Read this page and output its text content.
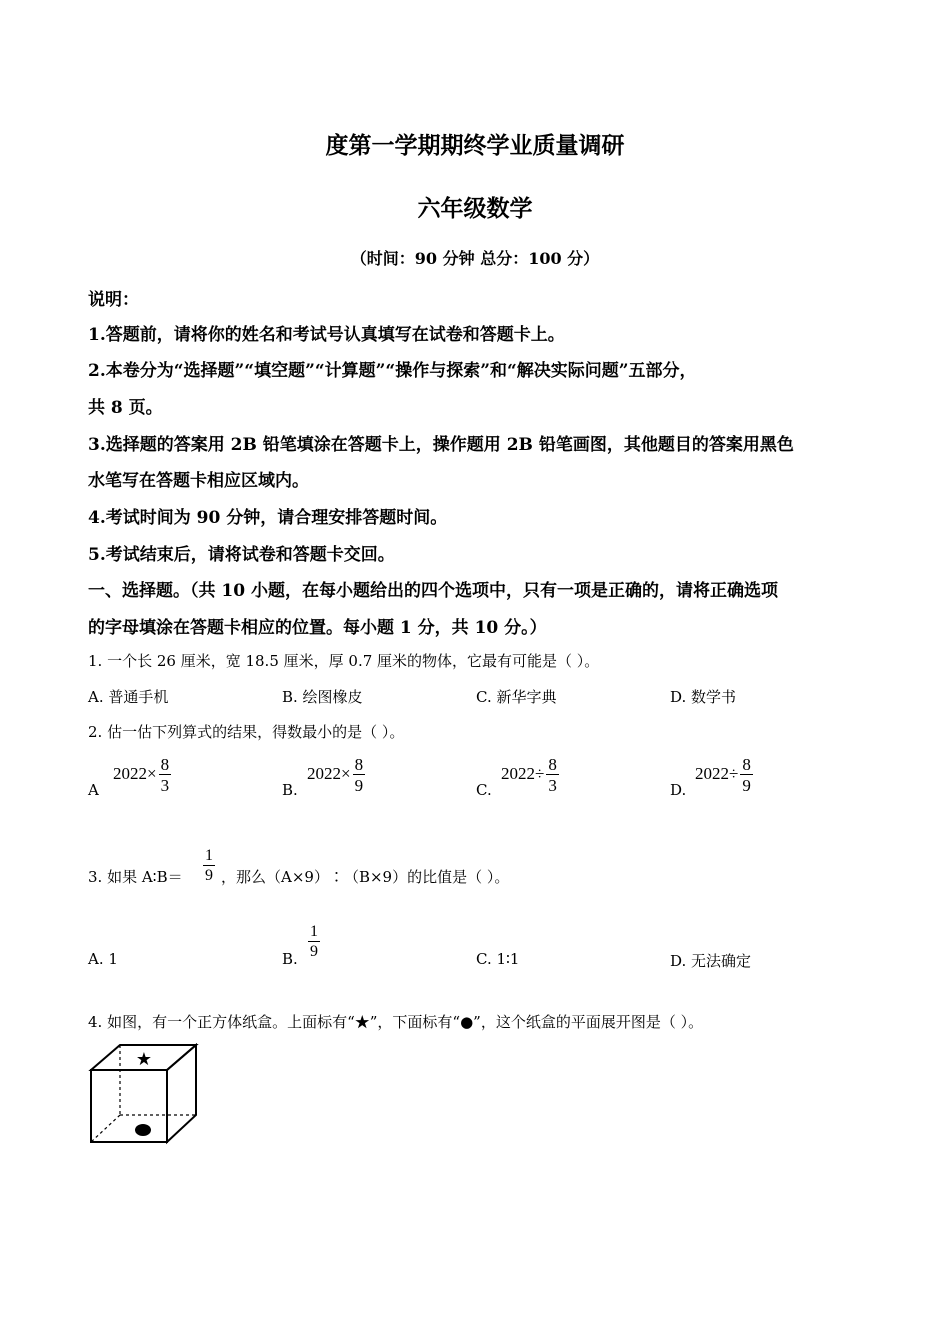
度第一学期期终学业质量调研
六年级数学
（时间：90 分钟 总分：100 分）
说明：
1.答题前，请将你的姓名和考试号认真填写在试卷和答题卡上。
2.本卷分为“选择题”“填空题”“计算题”“操作与探索”和“解决实际问题”五部分，
共 8 页。
3.选择题的答案用 2B 铅笔填涂在答题卡上，操作题用 2B 铅笔画图，其他题目的答案用黑色
水笔写在答题卡相应区域内。
4.考试时间为 90 分钟，请合理安排答题时间。
5.考试结束后，请将试卷和答题卡交回。
一、选择题。（共 10 小题，在每小题给出的四个选项中，只有一项是正确的，请将正确选项
的字母填涂在答题卡相应的位置。每小题 1 分，共 10 分。）
1. 一个长 26 厘米，宽 18.5 厘米，厚 0.7 厘米的物体，它最有可能是（ ）。
A. 普通手机	B. 绘图橡皮	C. 新华字典	D. 数学书
2. 估一估下列算式的结果，得数最小的是（ ）。
A
$2022\times \frac{8}{3}$	B.
$2022\times \frac{8}{9}$	C.
$2022\div \frac{8}{3}$	D.
$2022\div \frac{8}{9}$
3. 如果 A∶B＝ $\frac{1}{9}$ ，那么（A×9）∶（B×9）的比值是（ ）。
A. 1	B. $\frac{1}{9}$	C. 1∶1	D. 无法确定
4. 如图，有一个正方体纸盒。上面标有“★”，下面标有“●”，这个纸盒的平面展开图是（ ）。
★
